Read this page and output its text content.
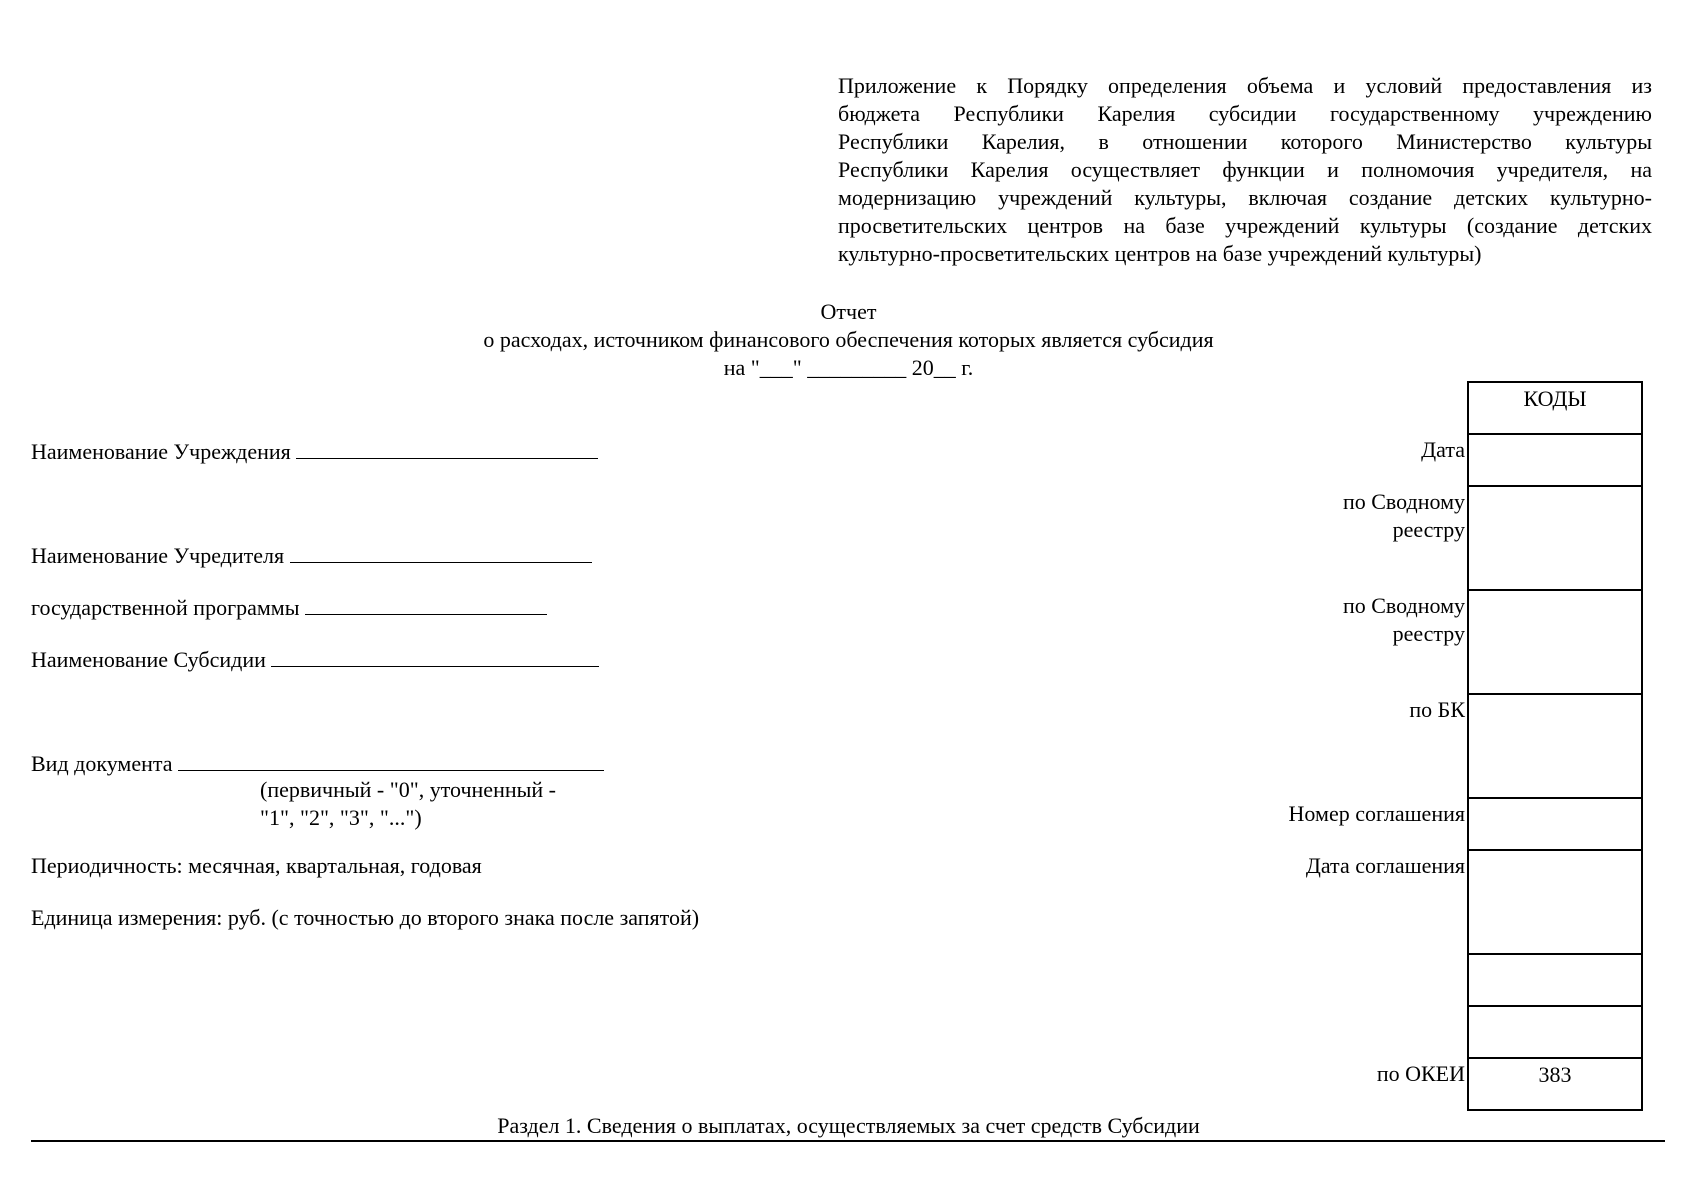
Приложение к Порядку определения объема и условий предоставления из
бюджета Республики Карелия субсидии государственному учреждению
Республики Карелия, в отношении которого Министерство культуры
Республики Карелия осуществляет функции и полномочия учредителя, на
модернизацию учреждений культуры, включая создание детских культурно-
просветительских центров на базе учреждений культуры (создание детских
культурно-просветительских центров на базе учреждений культуры)
Отчет
о расходах, источником финансового обеспечения которых является субсидия
на "___" _________ 20__ г.
Наименование Учреждения
Наименование Учредителя
государственной программы
Наименование Субсидии
Вид документа
(первичный - "0", уточненный -
"1", "2", "3", "...")
Периодичность: месячная, квартальная, годовая
Единица измерения: руб. (с точностью до второго знака после запятой)
Дата
по Сводному
реестру
по Сводному
реестру
по БК
Номер соглашения
Дата соглашения
по ОКЕИ
КОДЫ
383
Раздел 1. Сведения о выплатах, осуществляемых за счет средств Субсидии
